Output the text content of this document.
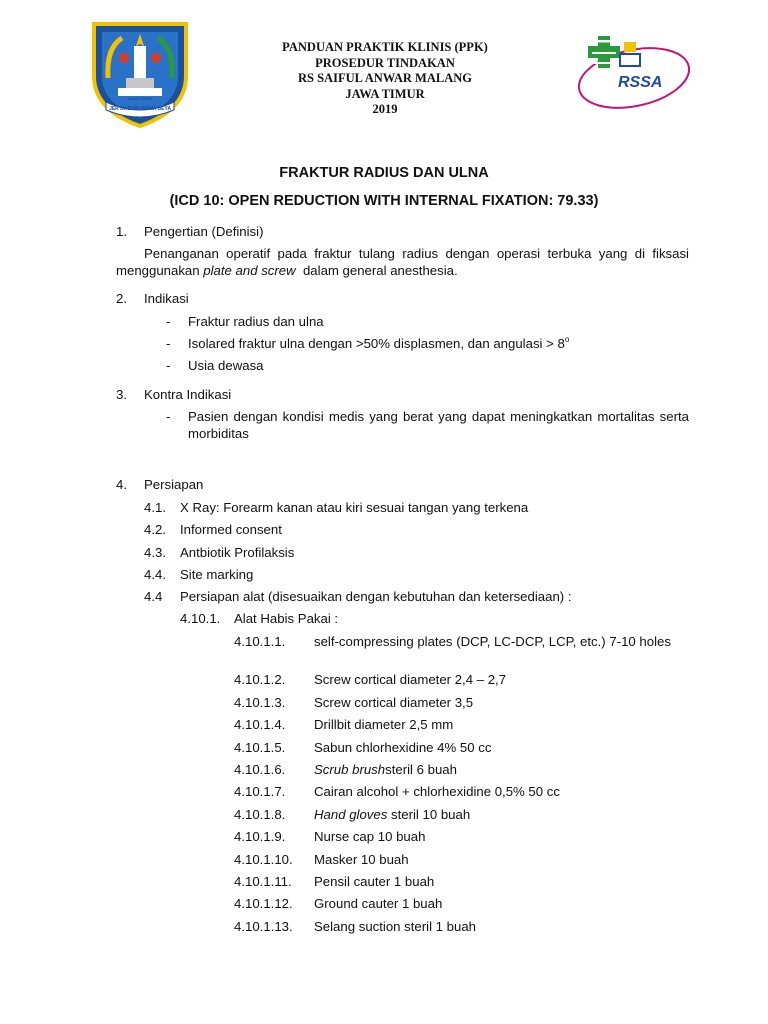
JAWA TIMUR
JER BASUKI MAWA BEYA
PANDUAN PRAKTIK KLINIS (PPK)
PROSEDUR TINDAKAN
RS SAIFUL ANWAR MALANG
JAWA TIMUR
2019
RSSA
FRAKTUR RADIUS DAN ULNA
(ICD 10: OPEN REDUCTION WITH INTERNAL FIXATION: 79.33)
1. Pengertian (Definisi)
Penanganan operatif pada fraktur tulang radius dengan operasi terbuka yang di fiksasi menggunakan plate and screw  dalam general anesthesia.
2. Indikasi
- Fraktur radius dan ulna
- Isolared fraktur ulna dengan >50% displasmen, dan angulasi > $8^o$
- Usia dewasa
3. Kontra Indikasi
- Pasien dengan kondisi medis yang berat yang dapat meningkatkan mortalitas serta morbiditas
4. Persiapan
4.1. X Ray: Forearm kanan atau kiri sesuai tangan yang terkena
4.2. Informed consent
4.3. Antbiotik Profilaksis
4.4. Site marking
4.4 Persiapan alat (disesuaikan dengan kebutuhan dan ketersediaan) :
4.10.1. Alat Habis Pakai :
4.10.1.1. self-compressing plates (DCP, LC-DCP, LCP, etc.) 7-10 holes
4.10.1.2. Screw cortical diameter 2,4 – 2,7
4.10.1.3. Screw cortical diameter 3,5
4.10.1.4. Drillbit diameter 2,5 mm
4.10.1.5. Sabun chlorhexidine 4% 50 cc
4.10.1.6. Scrub brushsteril 6 buah
4.10.1.7. Cairan alcohol + chlorhexidine 0,5% 50 cc
4.10.1.8. Hand gloves steril 10 buah
4.10.1.9. Nurse cap 10 buah
4.10.1.10. Masker 10 buah
4.10.1.11. Pensil cauter 1 buah
4.10.1.12. Ground cauter 1 buah
4.10.1.13. Selang suction steril 1 buah
